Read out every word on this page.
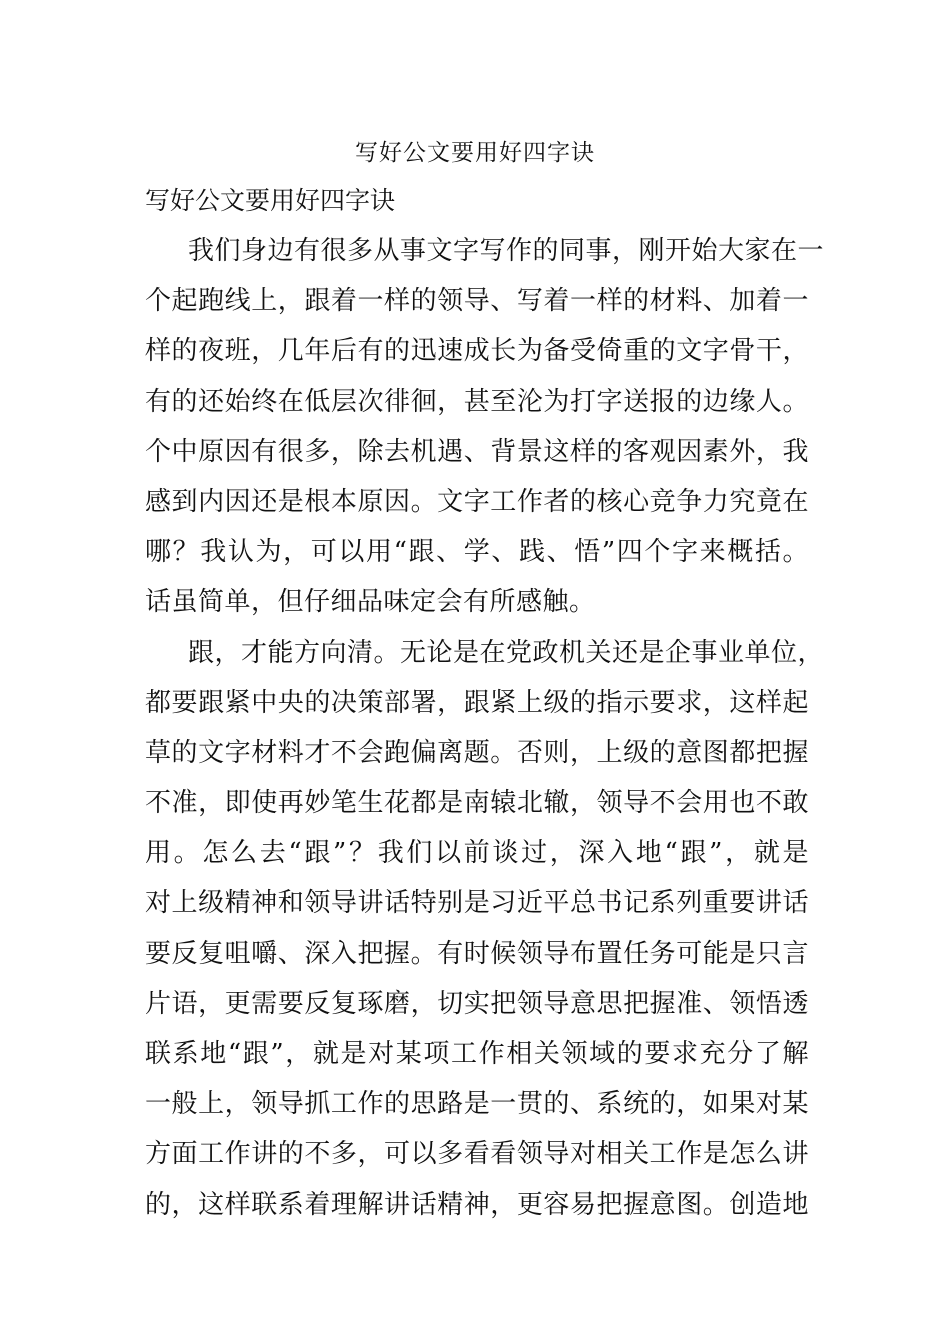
写好公文要用好四字诀
写好公文要用好四字诀
我们身边有很多从事文字写作的同事，刚开始大家在一
个起跑线上，跟着一样的领导、写着一样的材料、加着一
样的夜班，几年后有的迅速成长为备受倚重的文字骨干，
有的还始终在低层次徘徊，甚至沦为打字送报的边缘人。
个中原因有很多，除去机遇、背景这样的客观因素外，我
感到内因还是根本原因。文字工作者的核心竞争力究竟在
哪？我认为，可以用“跟、学、践、悟”四个字来概括。
话虽简单，但仔细品味定会有所感触。
跟，才能方向清。无论是在党政机关还是企事业单位，
都要跟紧中央的决策部署，跟紧上级的指示要求，这样起
草的文字材料才不会跑偏离题。否则，上级的意图都把握
不准，即使再妙笔生花都是南辕北辙，领导不会用也不敢
用。怎么去“跟”？我们以前谈过，深入地“跟”，就是
对上级精神和领导讲话特别是习近平总书记系列重要讲话
要反复咀嚼、深入把握。有时候领导布置任务可能是只言
片语，更需要反复琢磨，切实把领导意思把握准、领悟透
联系地“跟”，就是对某项工作相关领域的要求充分了解
一般上，领导抓工作的思路是一贯的、系统的，如果对某
方面工作讲的不多，可以多看看领导对相关工作是怎么讲
的，这样联系着理解讲话精神，更容易把握意图。创造地
